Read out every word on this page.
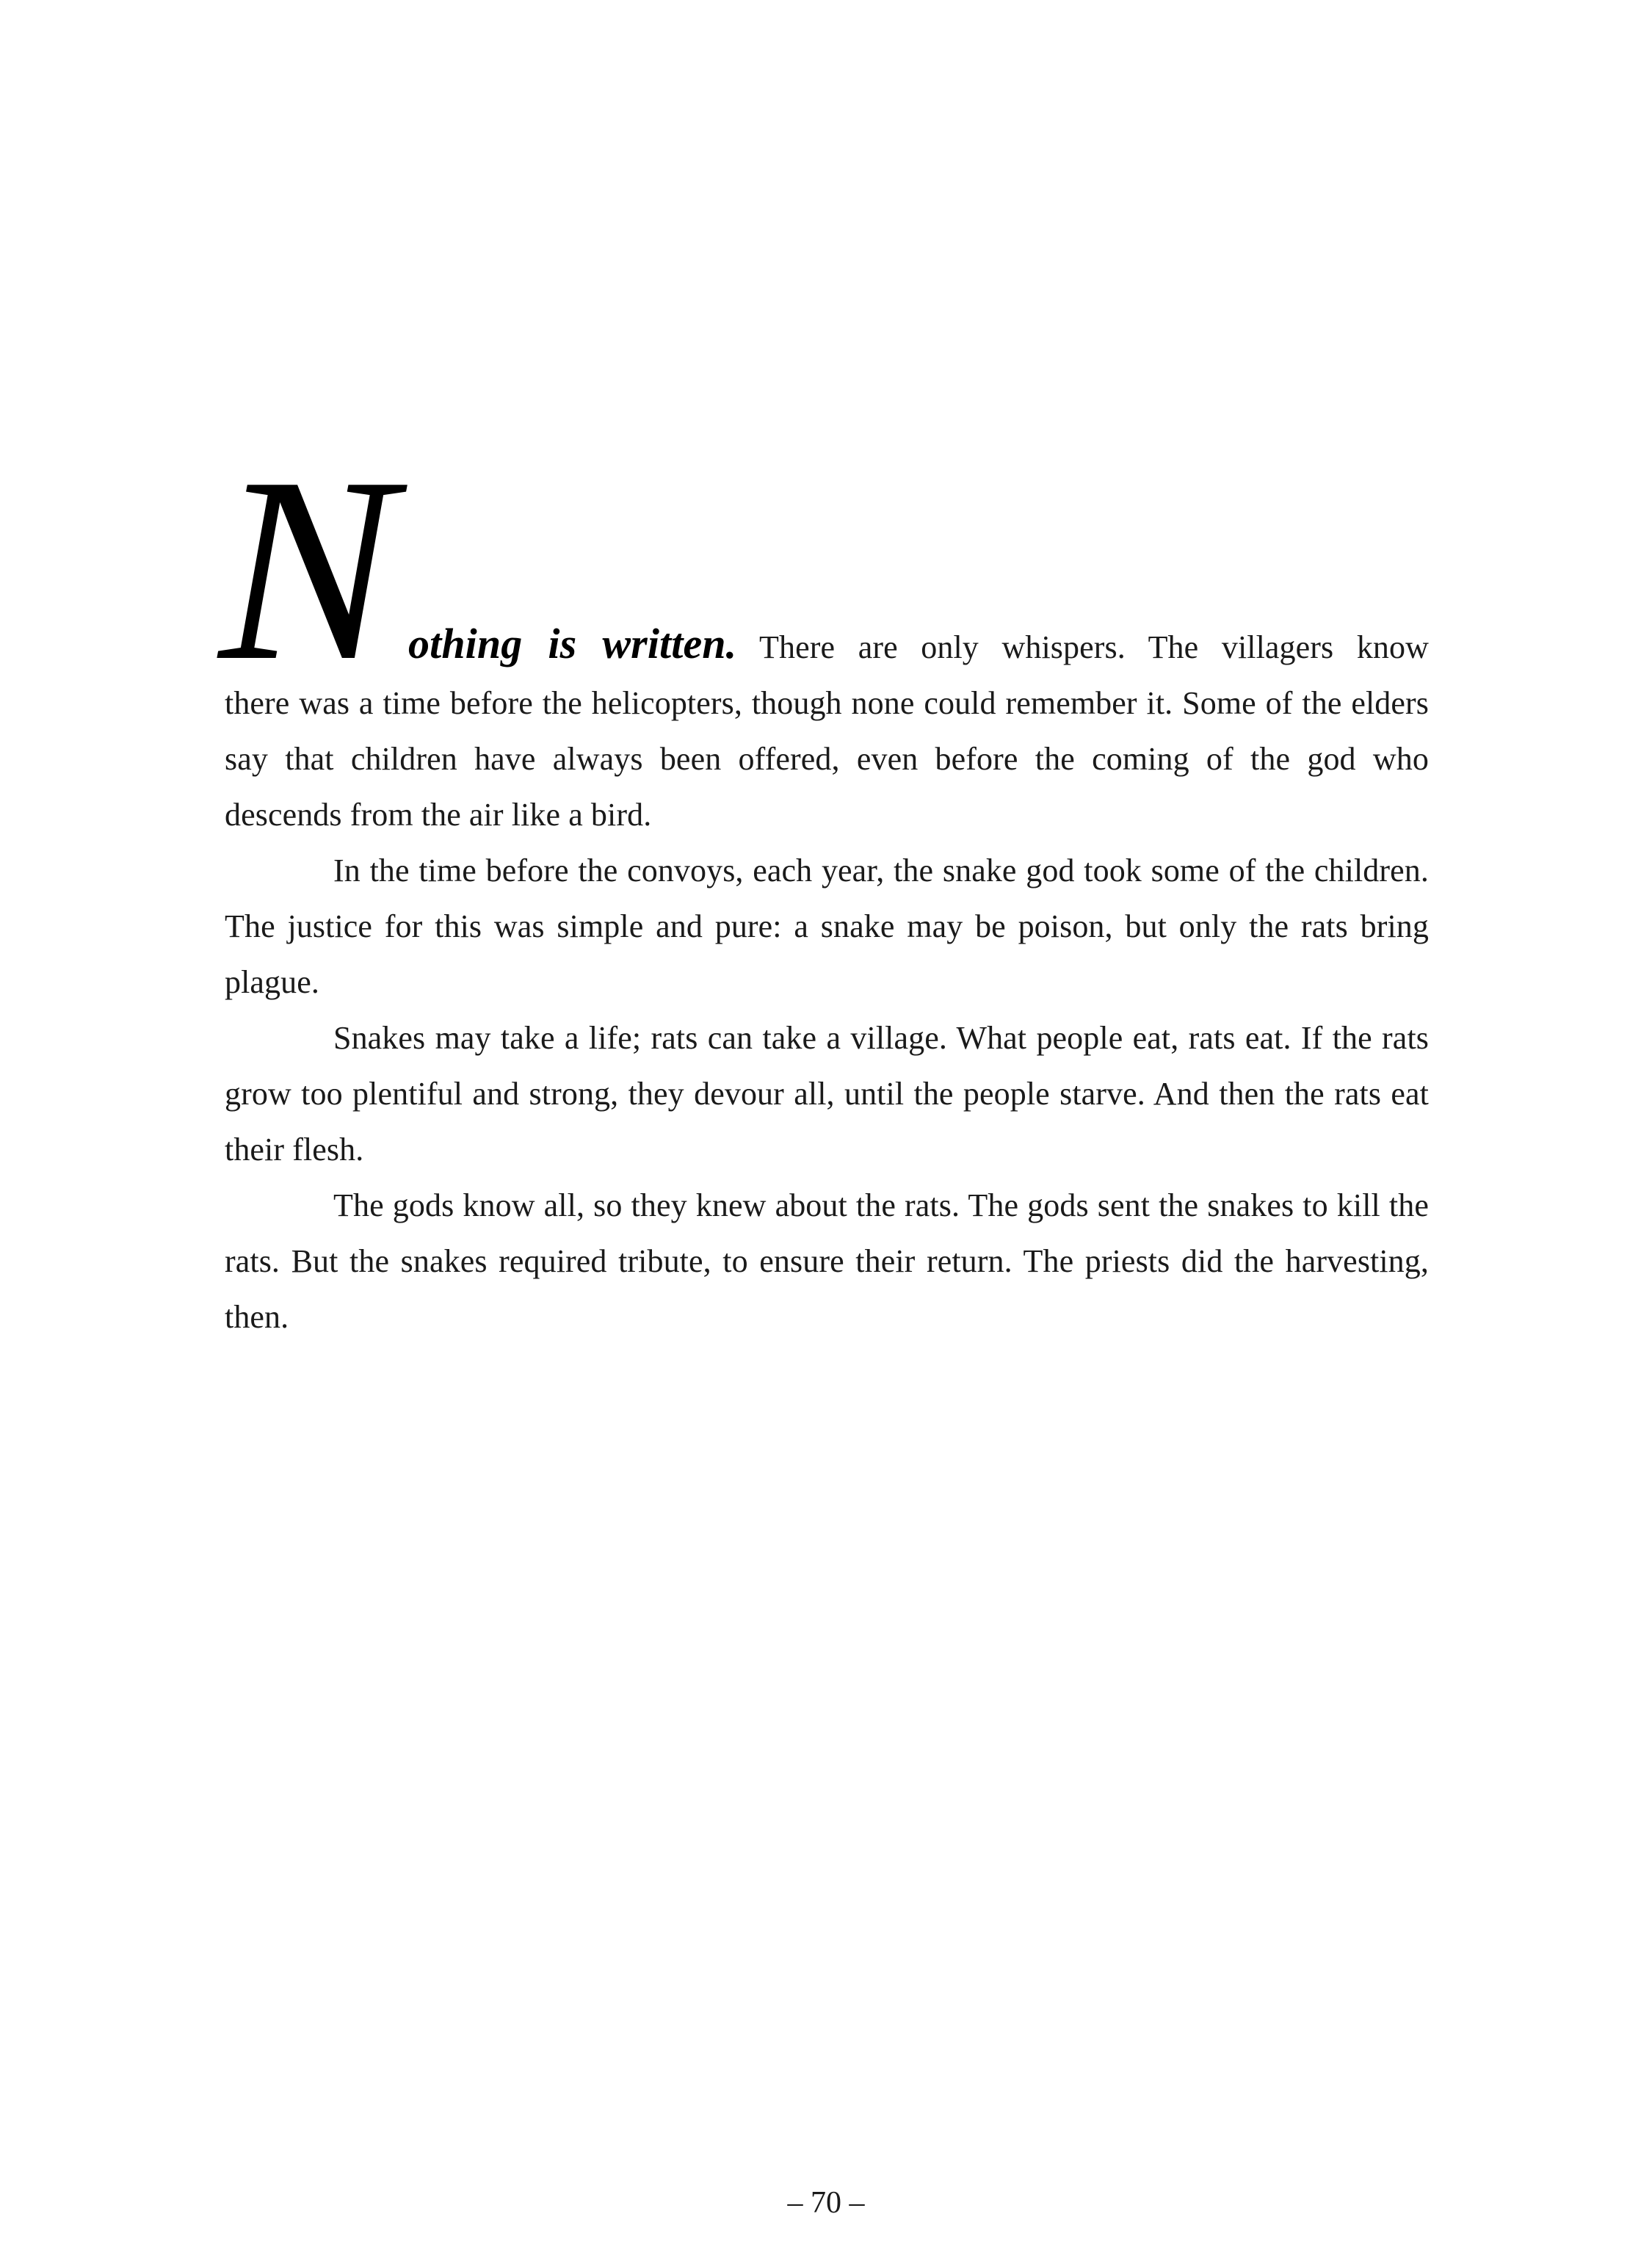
N othing is written. There are only whispers. The villagers know

there was a time before the helicopters, though none could remember it. Some of the elders say that children have always been offered, even before the coming of the god who descends from the air like a bird.

In the time before the convoys, each year, the snake god took some of the children. The justice for this was simple and pure: a snake may be poison, but only the rats bring plague.

Snakes may take a life; rats can take a village. What people eat, rats eat. If the rats grow too plentiful and strong, they devour all, until the people starve. And then the rats eat their flesh.

The gods know all, so they knew about the rats. The gods sent the snakes to kill the rats. But the snakes required tribute, to ensure their return. The priests did the harvesting, then.

– 70 –
